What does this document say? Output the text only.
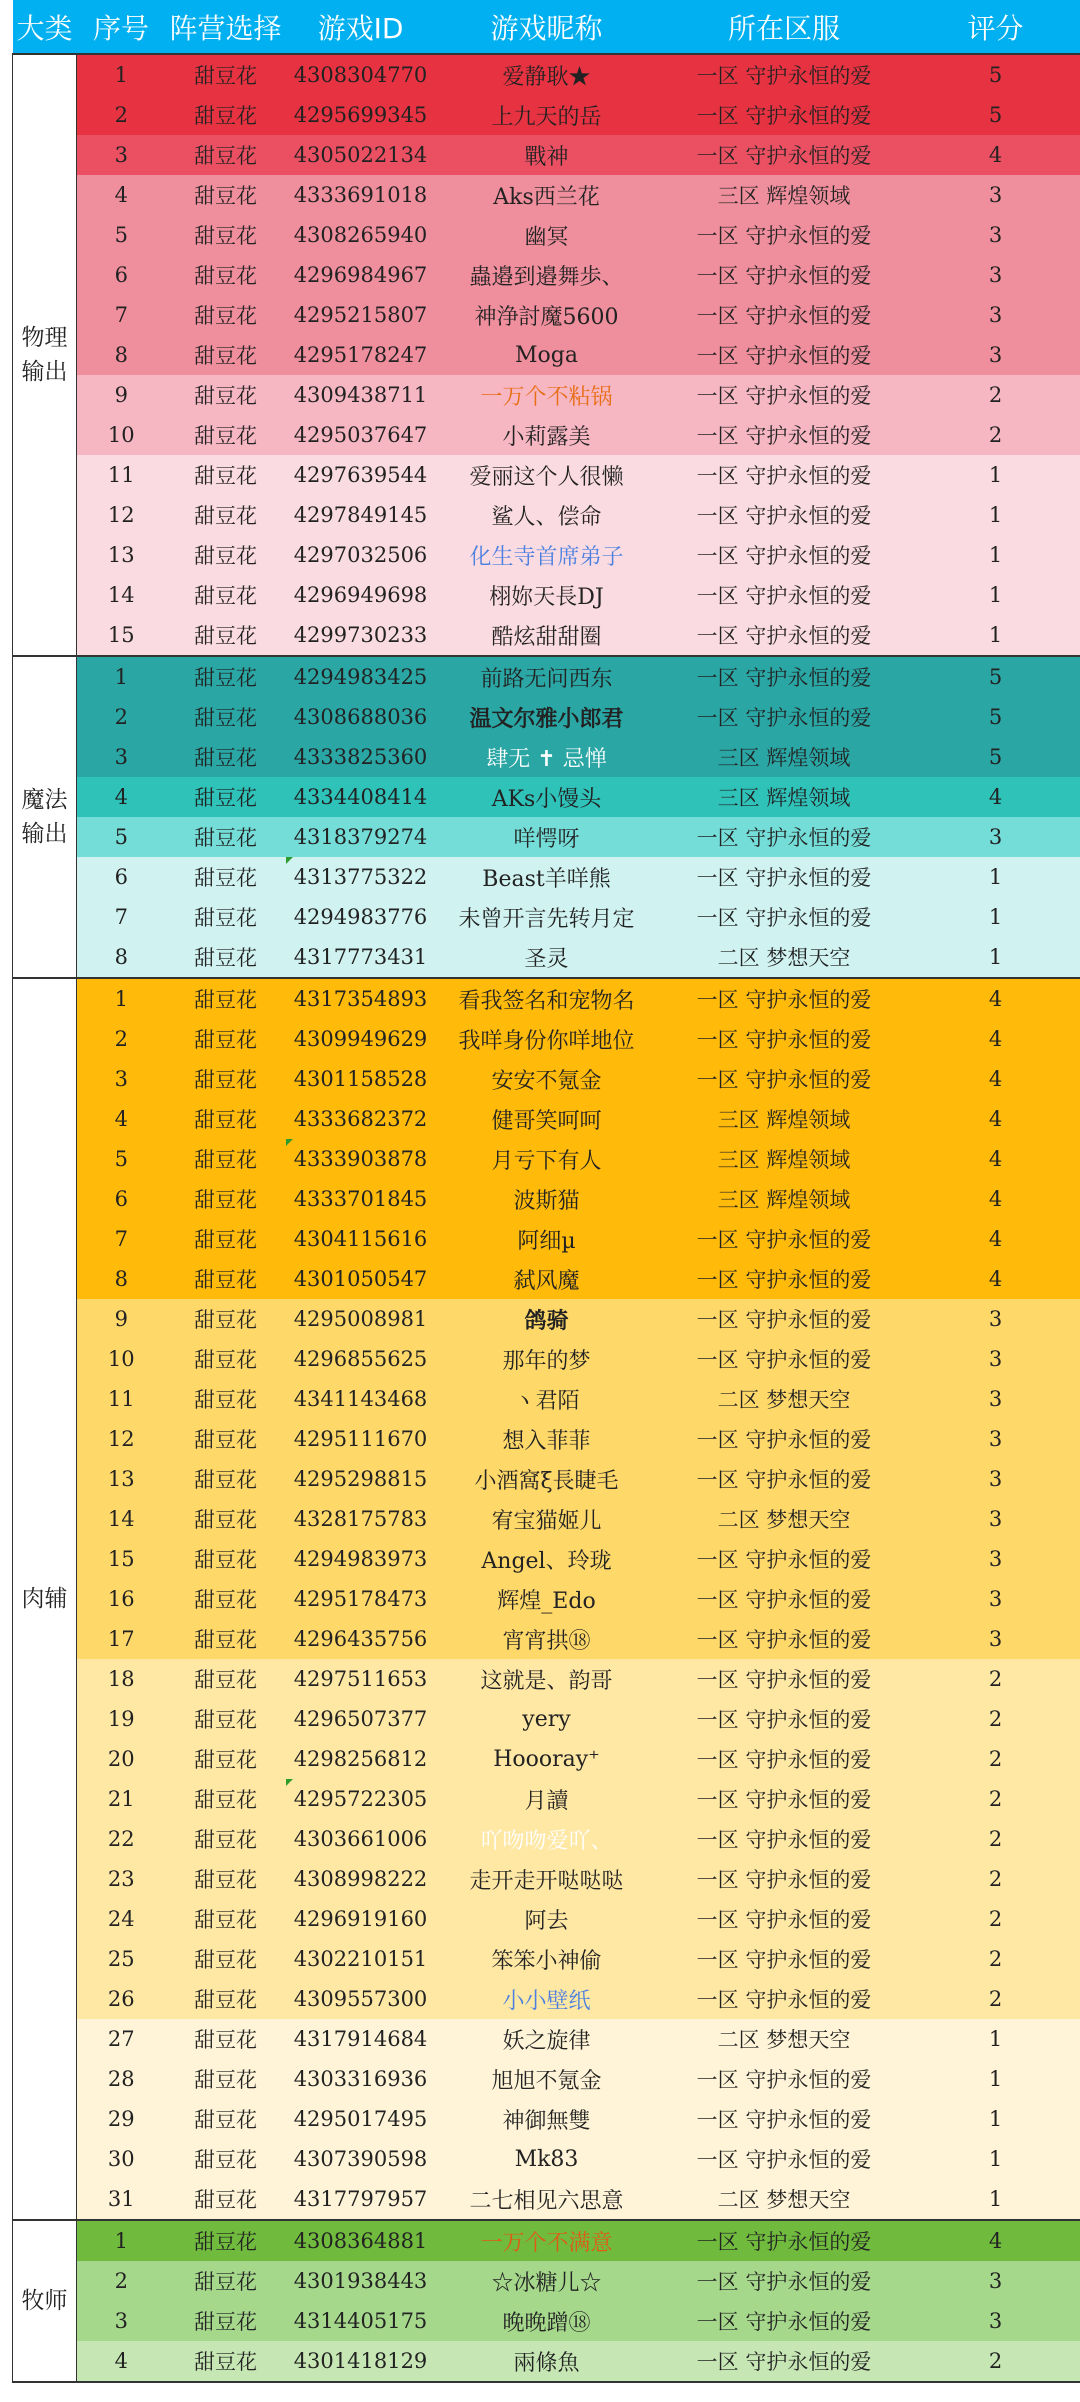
大类	序号	阵营选择	游戏ID	游戏昵称	所在区服	评分
物理
输出	1	甜豆花	4308304770	爱静耿★	一区 守护永恒的爱	5
	2	甜豆花	4295699345	上九天的岳	一区 守护永恒的爱	5
	3	甜豆花	4305022134	戰神	一区 守护永恒的爱	4
	4	甜豆花	4333691018	Aks西兰花	三区 辉煌领域	3
	5	甜豆花	4308265940	幽冥	一区 守护永恒的爱	3
	6	甜豆花	4296984967	蟲邉到邉舞歩、	一区 守护永恒的爱	3
	7	甜豆花	4295215807	神浄討魔5600	一区 守护永恒的爱	3
	8	甜豆花	4295178247	Moga	一区 守护永恒的爱	3
	9	甜豆花	4309438711	一万个不粘锅	一区 守护永恒的爱	2
	10	甜豆花	4295037647	小莉露美	一区 守护永恒的爱	2
	11	甜豆花	4297639544	爱丽这个人很懒	一区 守护永恒的爱	1
	12	甜豆花	4297849145	鲨人、偿命	一区 守护永恒的爱	1
	13	甜豆花	4297032506	化生寺首席弟子	一区 守护永恒的爱	1
	14	甜豆花	4296949698	栩妳天長DJ	一区 守护永恒的爱	1
	15	甜豆花	4299730233	酷炫甜甜圈	一区 守护永恒的爱	1
魔法
输出	1	甜豆花	4294983425	前路无问西东	一区 守护永恒的爱	5
	2	甜豆花	4308688036	温文尔雅小郎君	一区 守护永恒的爱	5
	3	甜豆花	4333825360	肆无 ✝ 忌惮	三区 辉煌领域	5
	4	甜豆花	4334408414	AKs小馒头	三区 辉煌领域	4
	5	甜豆花	4318379274	咩愕呀	一区 守护永恒的爱	3
	6	甜豆花	4313775322	Beast羊咩熊	一区 守护永恒的爱	1
	7	甜豆花	4294983776	未曾开言先转月定	一区 守护永恒的爱	1
	8	甜豆花	4317773431	圣灵	二区 梦想天空	1
肉辅	1	甜豆花	4317354893	看我签名和宠物名	一区 守护永恒的爱	4
	2	甜豆花	4309949629	我咩身份你咩地位	一区 守护永恒的爱	4
	3	甜豆花	4301158528	安安不氪金	一区 守护永恒的爱	4
	4	甜豆花	4333682372	健哥笑呵呵	三区 辉煌领域	4
	5	甜豆花	4333903878	月亏下有人	三区 辉煌领域	4
	6	甜豆花	4333701845	波斯猫	三区 辉煌领域	4
	7	甜豆花	4304115616	阿细µ	一区 守护永恒的爱	4
	8	甜豆花	4301050547	弑风魔	一区 守护永恒的爱	4
	9	甜豆花	4295008981	鸽骑	一区 守护永恒的爱	3
	10	甜豆花	4296855625	那年的梦	一区 守护永恒的爱	3
	11	甜豆花	4341143468	ヽ君陌	二区 梦想天空	3
	12	甜豆花	4295111670	想入菲菲	一区 守护永恒的爱	3
	13	甜豆花	4295298815	小酒窩ξ長睫毛	一区 守护永恒的爱	3
	14	甜豆花	4328175783	宥宝猫姬儿	二区 梦想天空	3
	15	甜豆花	4294983973	Angel、玲珑	一区 守护永恒的爱	3
	16	甜豆花	4295178473	辉煌_Edo	一区 守护永恒的爱	3
	17	甜豆花	4296435756	宵宵拱⑱	一区 守护永恒的爱	3
	18	甜豆花	4297511653	这就是、韵哥	一区 守护永恒的爱	2
	19	甜豆花	4296507377	yery	一区 守护永恒的爱	2
	20	甜豆花	4298256812	Hoooray⁺	一区 守护永恒的爱	2
	21	甜豆花	4295722305	月讀	一区 守护永恒的爱	2
	22	甜豆花	4303661006	吖吻吻爱吖、	一区 守护永恒的爱	2
	23	甜豆花	4308998222	走开走开哒哒哒	一区 守护永恒的爱	2
	24	甜豆花	4296919160	阿去	一区 守护永恒的爱	2
	25	甜豆花	4302210151	笨笨小神偷	一区 守护永恒的爱	2
	26	甜豆花	4309557300	小小壁纸	一区 守护永恒的爱	2
	27	甜豆花	4317914684	妖之旋律	二区 梦想天空	1
	28	甜豆花	4303316936	旭旭不氪金	一区 守护永恒的爱	1
	29	甜豆花	4295017495	神御無雙	一区 守护永恒的爱	1
	30	甜豆花	4307390598	Mk83	一区 守护永恒的爱	1
	31	甜豆花	4317797957	二七相见六思意	二区 梦想天空	1
牧师	1	甜豆花	4308364881	一万个不满意	一区 守护永恒的爱	4
	2	甜豆花	4301938443	☆冰糖儿☆	一区 守护永恒的爱	3
	3	甜豆花	4314405175	晚晚蹭⑱	一区 守护永恒的爱	3
	4	甜豆花	4301418129	兩條魚	一区 守护永恒的爱	2
